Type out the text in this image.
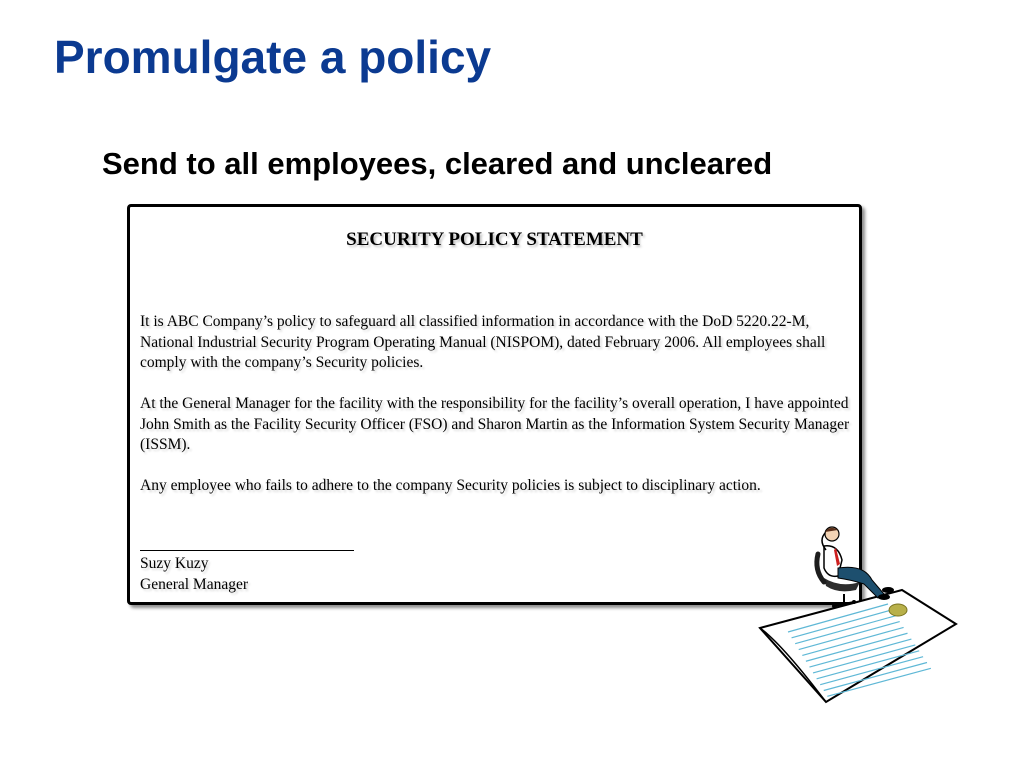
Promulgate a policy
Send to all employees, cleared and uncleared

SECURITY POLICY STATEMENT

It is ABC Company’s policy to safeguard all classified information in accordance with the DoD 5220.22-M, National Industrial Security Program Operating Manual (NISPOM), dated February 2006. All employees shall comply with the company’s Security policies.

At the General Manager for the facility with the responsibility for the facility’s overall operation, I have appointed John Smith as the Facility Security Officer (FSO) and Sharon Martin as the Information System Security Manager (ISSM).

Any employee who fails to adhere to the company Security policies is subject to disciplinary action.

Suzy Kuzy
General Manager
